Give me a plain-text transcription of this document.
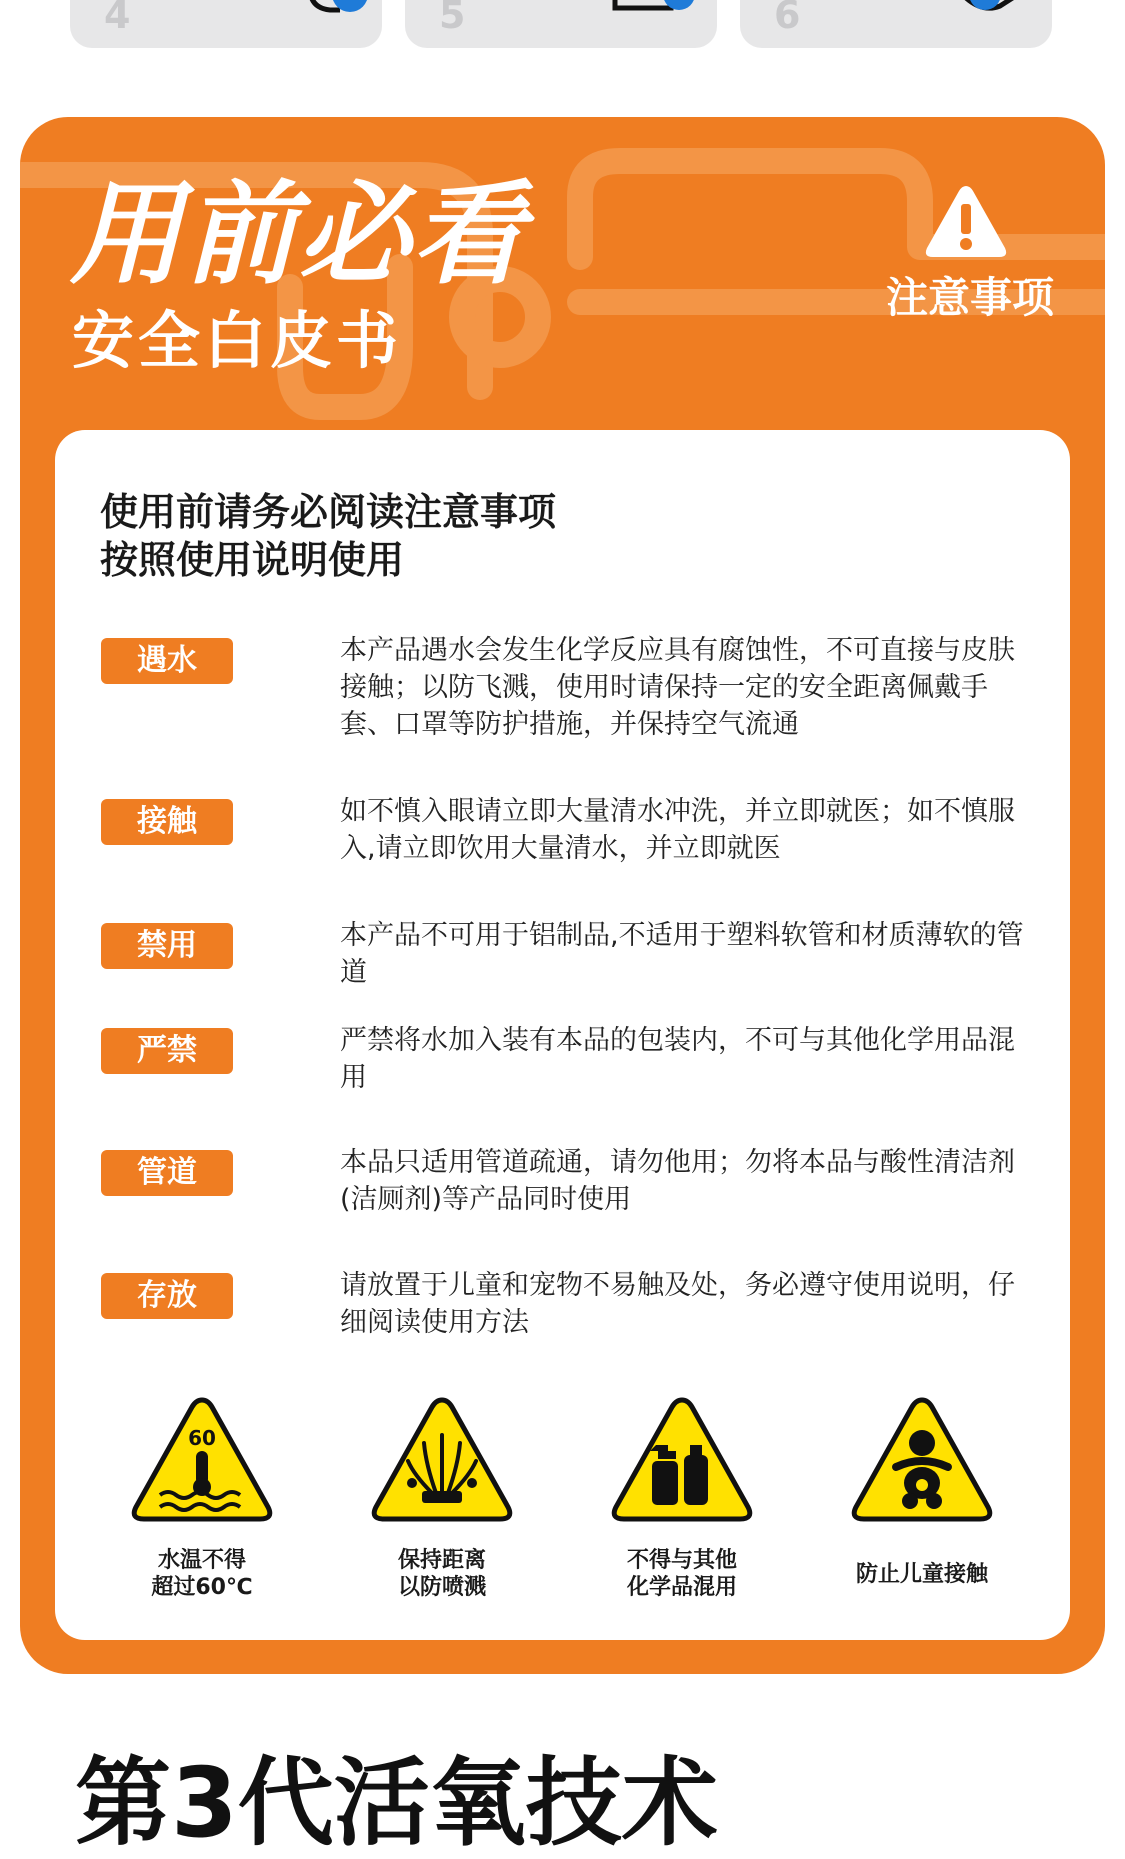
4	5	6
用前必看
安全白皮书
注意事项
使用前请务必阅读注意事项
按照使用说明使用
遇水	本产品遇水会发生化学反应具有腐蚀性，不可直接与皮肤接触；以防飞溅，使用时请保持一定的安全距离佩戴手套、口罩等防护措施，并保持空气流通
接触	如不慎入眼请立即大量清水冲洗，并立即就医；如不慎服入,请立即饮用大量清水，并立即就医
禁用	本产品不可用于铝制品,不适用于塑料软管和材质薄软的管道
严禁	严禁将水加入装有本品的包装内，不可与其他化学用品混用
管道	本品只适用管道疏通，请勿他用；勿将本品与酸性清洁剂(洁厕剂)等产品同时使用
存放	请放置于儿童和宠物不易触及处，务必遵守使用说明，仔细阅读使用方法
60
水温不得
超过60℃
保持距离
以防喷溅
不得与其他
化学品混用
防止儿童接触
第3代活氧技术
